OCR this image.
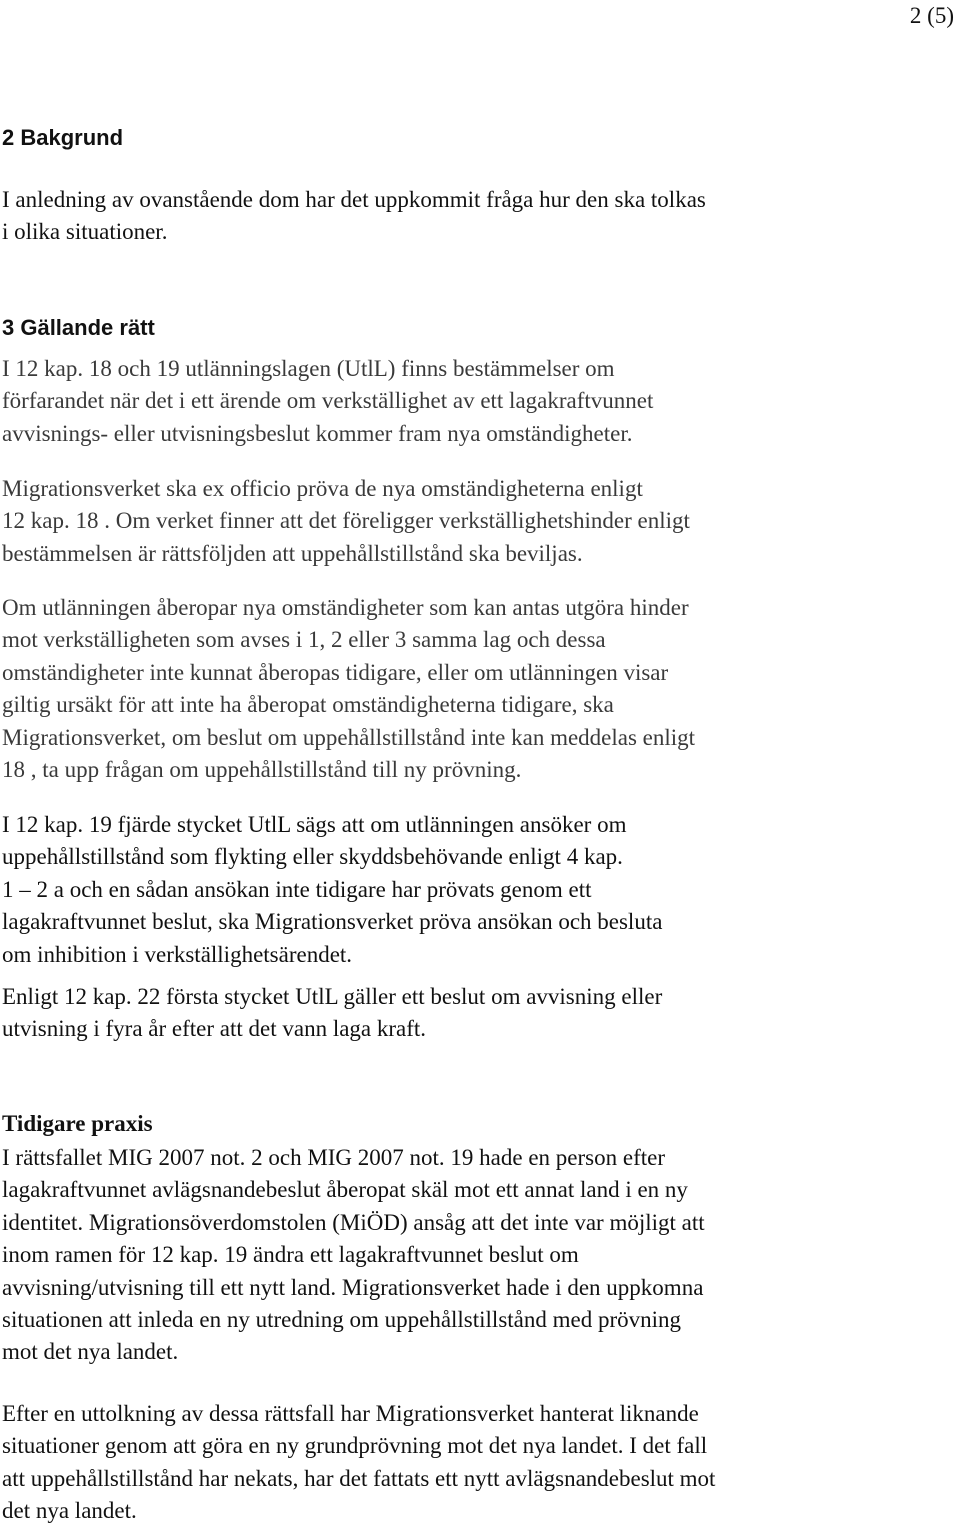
2 (5)
2 Bakgrund

I anledning av ovanstående dom har det uppkommit fråga hur den ska tolkas
i olika situationer.

3 Gällande rätt

I 12 kap. 18 och 19 utlänningslagen (UtlL) finns bestämmelser om
förfarandet när det i ett ärende om verkställighet av ett lagakraftvunnet
avvisnings- eller utvisningsbeslut kommer fram nya omständigheter.

Migrationsverket ska ex officio pröva de nya omständigheterna enligt
12 kap. 18 . Om verket finner att det föreligger verkställighetshinder enligt
bestämmelsen är rättsföljden att uppehållstillstånd ska beviljas.

Om utlänningen åberopar nya omständigheter som kan antas utgöra hinder
mot verkställigheten som avses i 1, 2 eller 3 samma lag och dessa
omständigheter inte kunnat åberopas tidigare, eller om utlänningen visar
giltig ursäkt för att inte ha åberopat omständigheterna tidigare, ska
Migrationsverket, om beslut om uppehållstillstånd inte kan meddelas enligt
18 , ta upp frågan om uppehållstillstånd till ny prövning.

I 12 kap. 19 fjärde stycket UtlL sägs att om utlänningen ansöker om
uppehållstillstånd som flykting eller skyddsbehövande enligt 4 kap.
1 – 2 a och en sådan ansökan inte tidigare har prövats genom ett
lagakraftvunnet beslut, ska Migrationsverket pröva ansökan och besluta
om inhibition i verkställighetsärendet.

Enligt 12 kap. 22 första stycket UtlL gäller ett beslut om avvisning eller
utvisning i fyra år efter att det vann laga kraft.

Tidigare praxis

I rättsfallet MIG 2007 not. 2 och MIG 2007 not. 19 hade en person efter
lagakraftvunnet avlägsnandebeslut åberopat skäl mot ett annat land i en ny
identitet. Migrationsöverdomstolen (MiÖD) ansåg att det inte var möjligt att
inom ramen för 12 kap. 19 ändra ett lagakraftvunnet beslut om
avvisning/utvisning till ett nytt land. Migrationsverket hade i den uppkomna
situationen att inleda en ny utredning om uppehållstillstånd med prövning
mot det nya landet.

Efter en uttolkning av dessa rättsfall har Migrationsverket hanterat liknande
situationer genom att göra en ny grundprövning mot det nya landet. I det fall
att uppehållstillstånd har nekats, har det fattats ett nytt avlägsnandebeslut mot
det nya landet.
